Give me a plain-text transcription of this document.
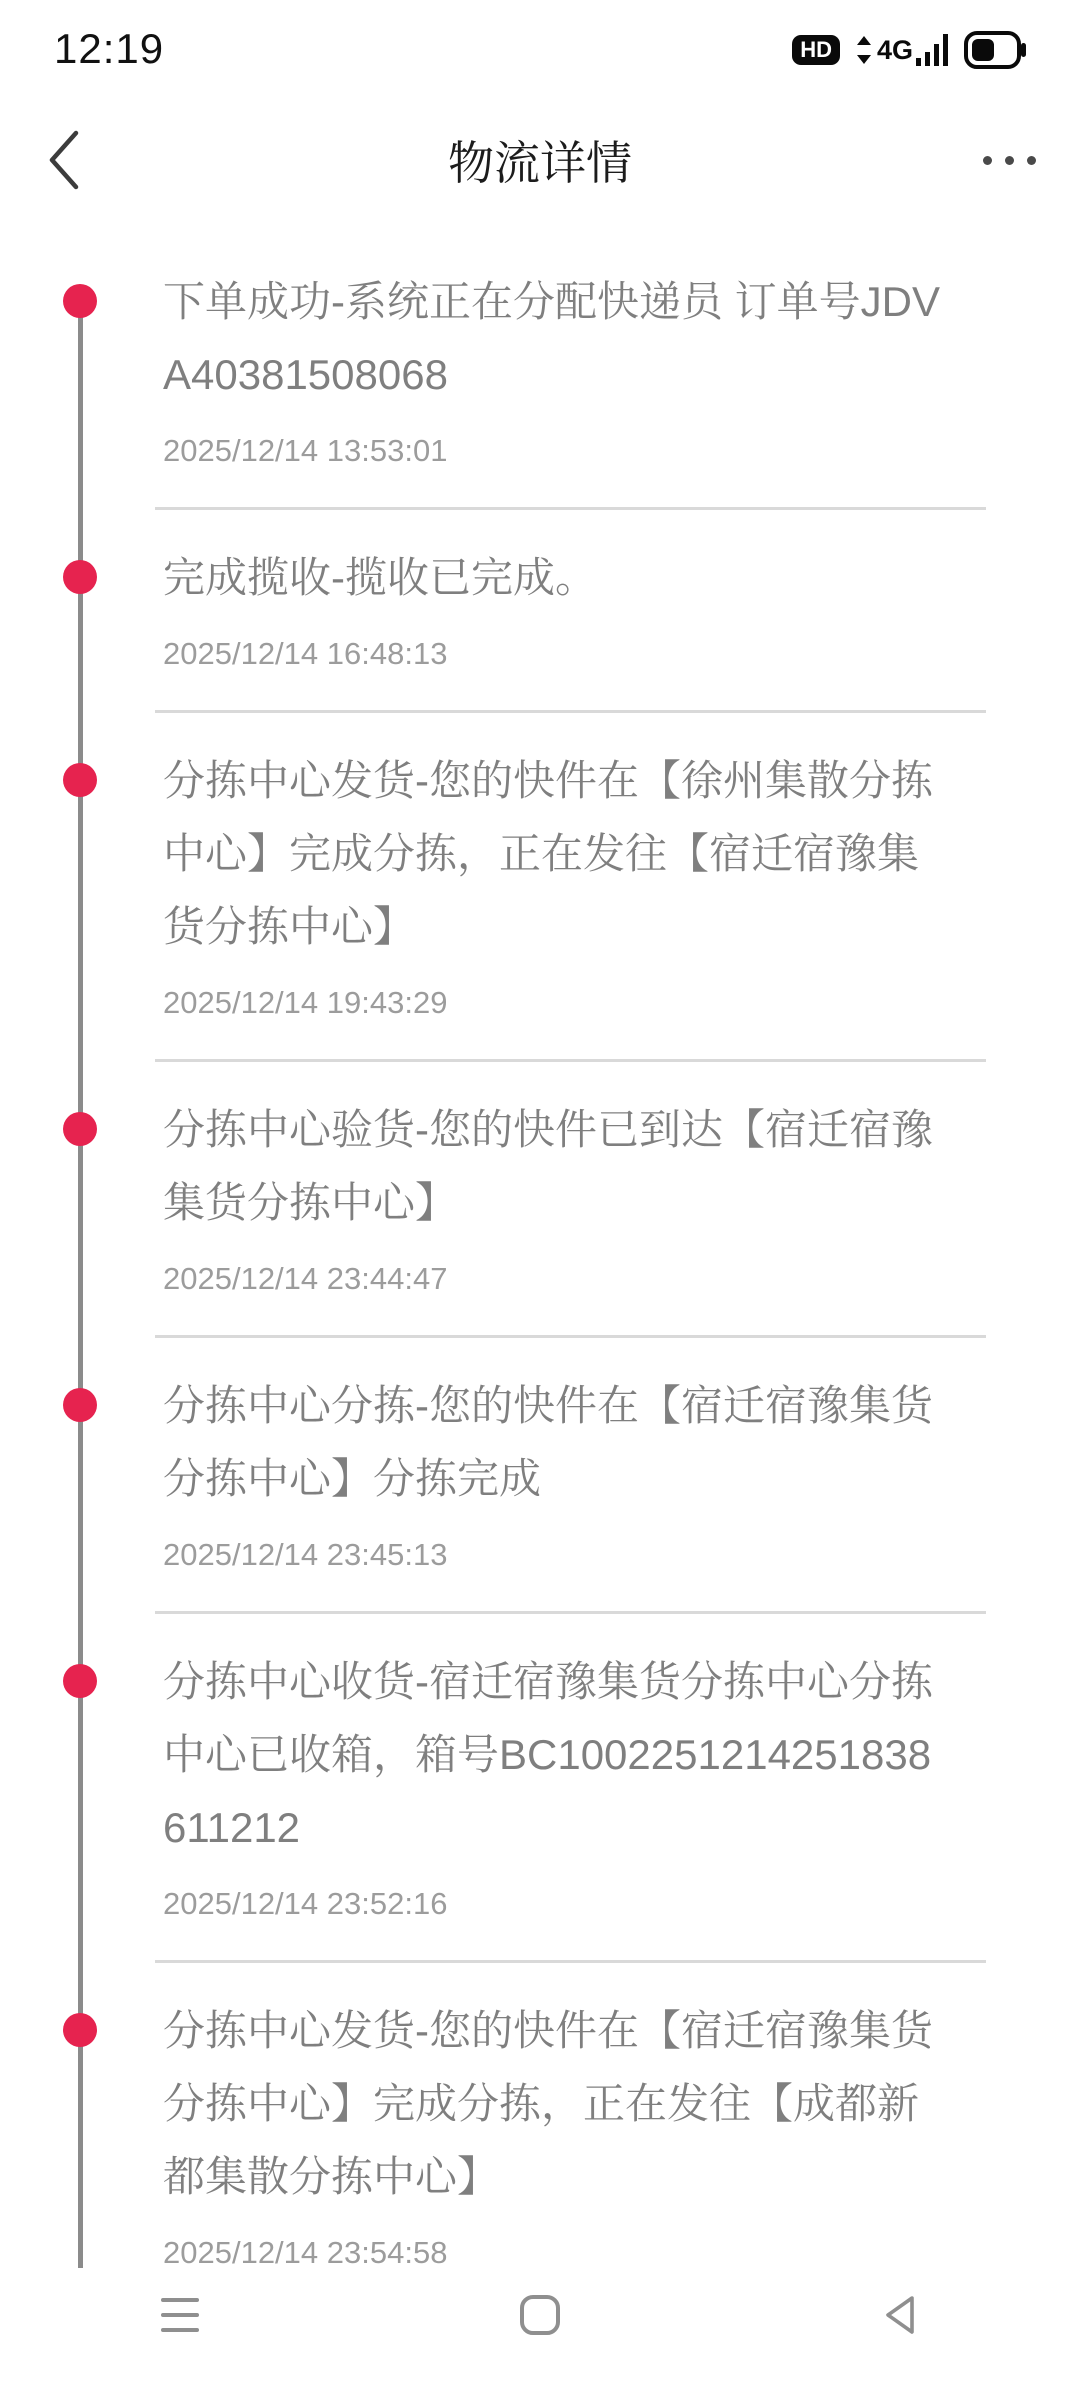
12:19	HD 4G
物流详情

下单成功-系统正在分配快递员 订单号JDVA40381508068

2025/12/14 13:53:01

完成揽收-揽收已完成。

2025/12/14 16:48:13

分拣中心发货-您的快件在【徐州集散分拣中心】完成分拣，正在发往【宿迁宿豫集货分拣中心】

2025/12/14 19:43:29

分拣中心验货-您的快件已到达【宿迁宿豫集货分拣中心】

2025/12/14 23:44:47

分拣中心分拣-您的快件在【宿迁宿豫集货分拣中心】分拣完成

2025/12/14 23:45:13

分拣中心收货-宿迁宿豫集货分拣中心分拣中心已收箱，箱号BC1002251214251838611212

2025/12/14 23:52:16

分拣中心发货-您的快件在【宿迁宿豫集货分拣中心】完成分拣，正在发往【成都新都集散分拣中心】

2025/12/14 23:54:58
